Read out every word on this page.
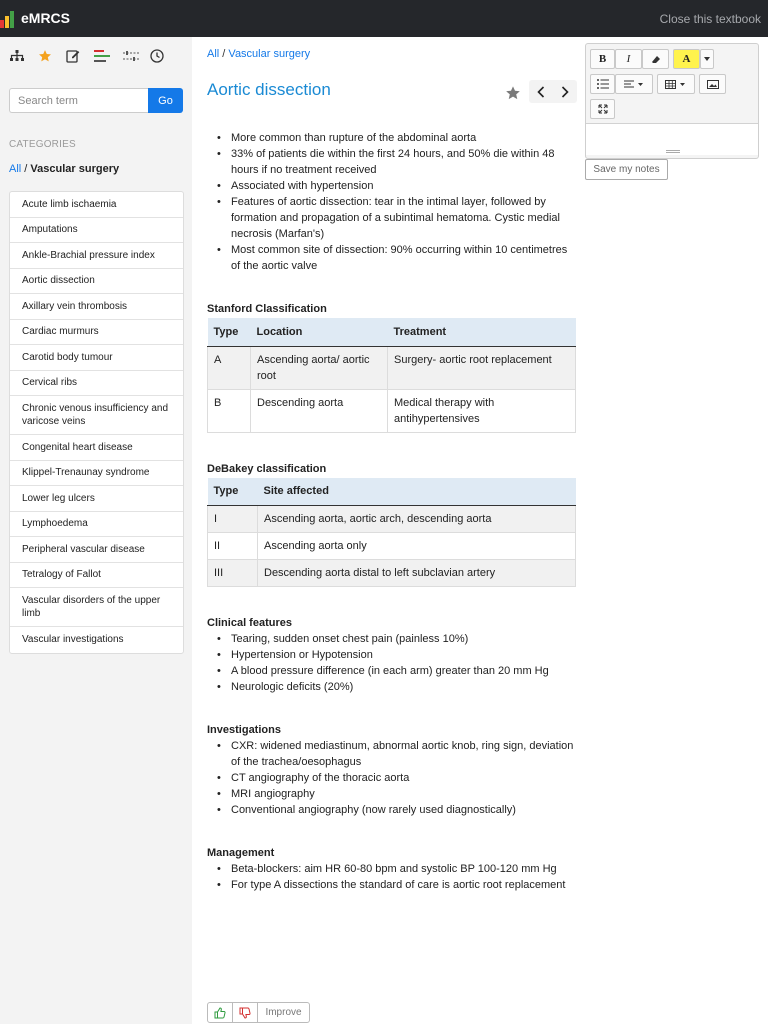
eMRCS	Close this textbook
Search term
Go
CATEGORIES
All / Vascular surgery
Acute limb ischaemia
Amputations
Ankle-Brachial pressure index
Aortic dissection
Axillary vein thrombosis
Cardiac murmurs
Carotid body tumour
Cervical ribs
Chronic venous insufficiency and varicose veins
Congenital heart disease
Klippel-Trenaunay syndrome
Lower leg ulcers
Lymphoedema
Peripheral vascular disease
Tetralogy of Fallot
Vascular disorders of the upper limb
Vascular investigations
All / Vascular surgery
Aortic dissection
• More common than rupture of the abdominal aorta
• 33% of patients die within the first 24 hours, and 50% die within 48 hours if no treatment received
• Associated with hypertension
• Features of aortic dissection: tear in the intimal layer, followed by formation and propagation of a subintimal hematoma. Cystic medial necrosis (Marfan's)
• Most common site of dissection: 90% occurring within 10 centimetres of the aortic valve
Stanford Classification
Type	Location	Treatment
A	Ascending aorta/ aortic root	Surgery- aortic root replacement
B	Descending aorta	Medical therapy with antihypertensives
DeBakey classification
Type	Site affected
I	Ascending aorta, aortic arch, descending aorta
II	Ascending aorta only
III	Descending aorta distal to left subclavian artery
Clinical features
• Tearing, sudden onset chest pain (painless 10%)
• Hypertension or Hypotension
• A blood pressure difference (in each arm) greater than 20 mm Hg
• Neurologic deficits (20%)
Investigations
• CXR: widened mediastinum, abnormal aortic knob, ring sign, deviation of the trachea/oesophagus
• CT angiography of the thoracic aorta
• MRI angiography
• Conventional angiography (now rarely used diagnostically)
Management
• Beta-blockers: aim HR 60-80 bpm and systolic BP 100-120 mm Hg
• For type A dissections the standard of care is aortic root replacement
Improve
B	I	A
Save my notes
